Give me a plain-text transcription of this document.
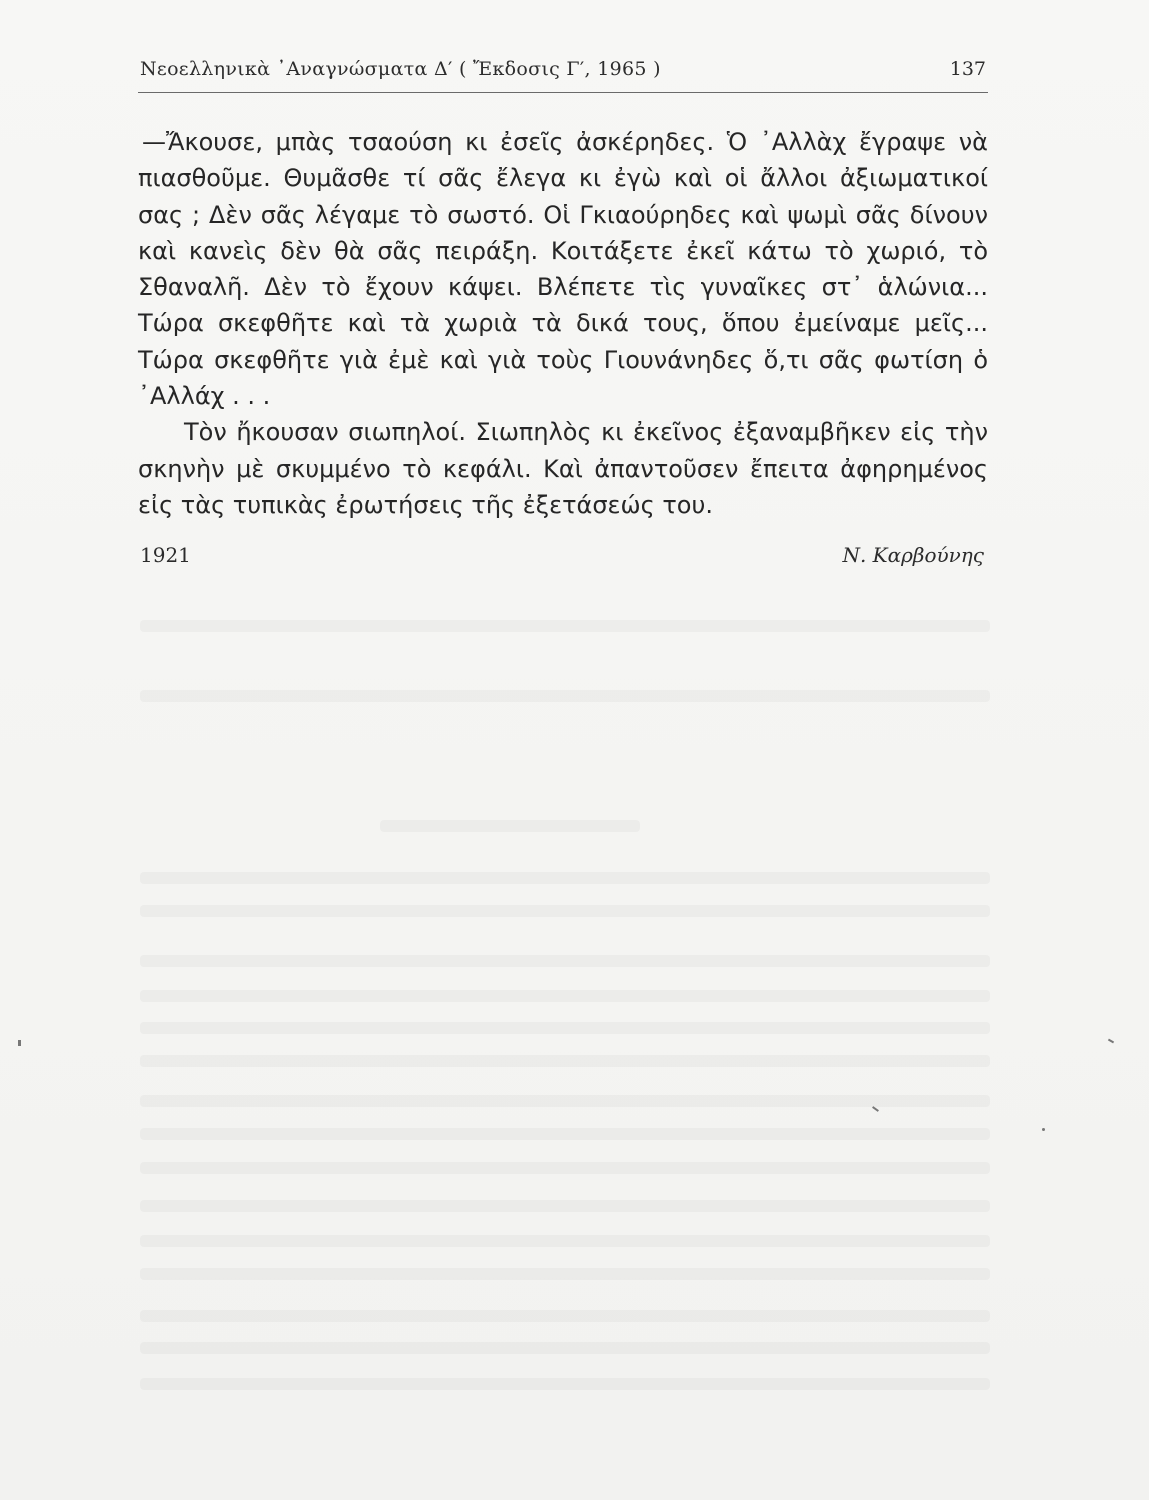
Νεοελληνικὰ ᾿Αναγνώσματα Δ′ ( Ἔκδοσις Γ′, 1965 )	137

—Ἄκουσε, μπὰς τσαούση κι ἐσεῖς ἀσκέρηδες. Ὁ ᾿Αλλὰχ ἔγραψε νὰ πιασθοῦμε. Θυμᾶσθε τί σᾶς ἔλεγα κι ἐγὼ καὶ οἱ ἄλλοι ἀξιωματικοί σας ; Δὲν σᾶς λέγαμε τὸ σωστό. Οἱ Γκιαούρηδες καὶ ψωμὶ σᾶς δίνουν καὶ κανεὶς δὲν θὰ σᾶς πειράξη. Κοιτάξετε ἐκεῖ κάτω τὸ χωριό, τὸ Σθαναλῆ. Δὲν τὸ ἔχουν κάψει. Βλέπετε τὶς γυναῖκες στ᾿ ἁλώνια... Τώρα σκεφθῆτε καὶ τὰ χωριὰ τὰ δικά τους, ὅπου ἐμείναμε μεῖς... Τώρα σκεφθῆτε γιὰ ἐμὲ καὶ γιὰ τοὺς Γιουνάνηδες ὅ,τι σᾶς φωτίση ὁ ᾿Αλλάχ . . .

Τὸν ἤκουσαν σιωπηλοί. Σιωπηλὸς κι ἐκεῖνος ἐξαναμβῆκεν εἰς τὴν σκηνὴν μὲ σκυμμένο τὸ κεφάλι. Καὶ ἀπαντοῦσεν ἔπειτα ἀφηρημένος εἰς τὰς τυπικὰς ἐρωτήσεις τῆς ἐξετάσεώς του.

1921	Ν. Καρβούνης
